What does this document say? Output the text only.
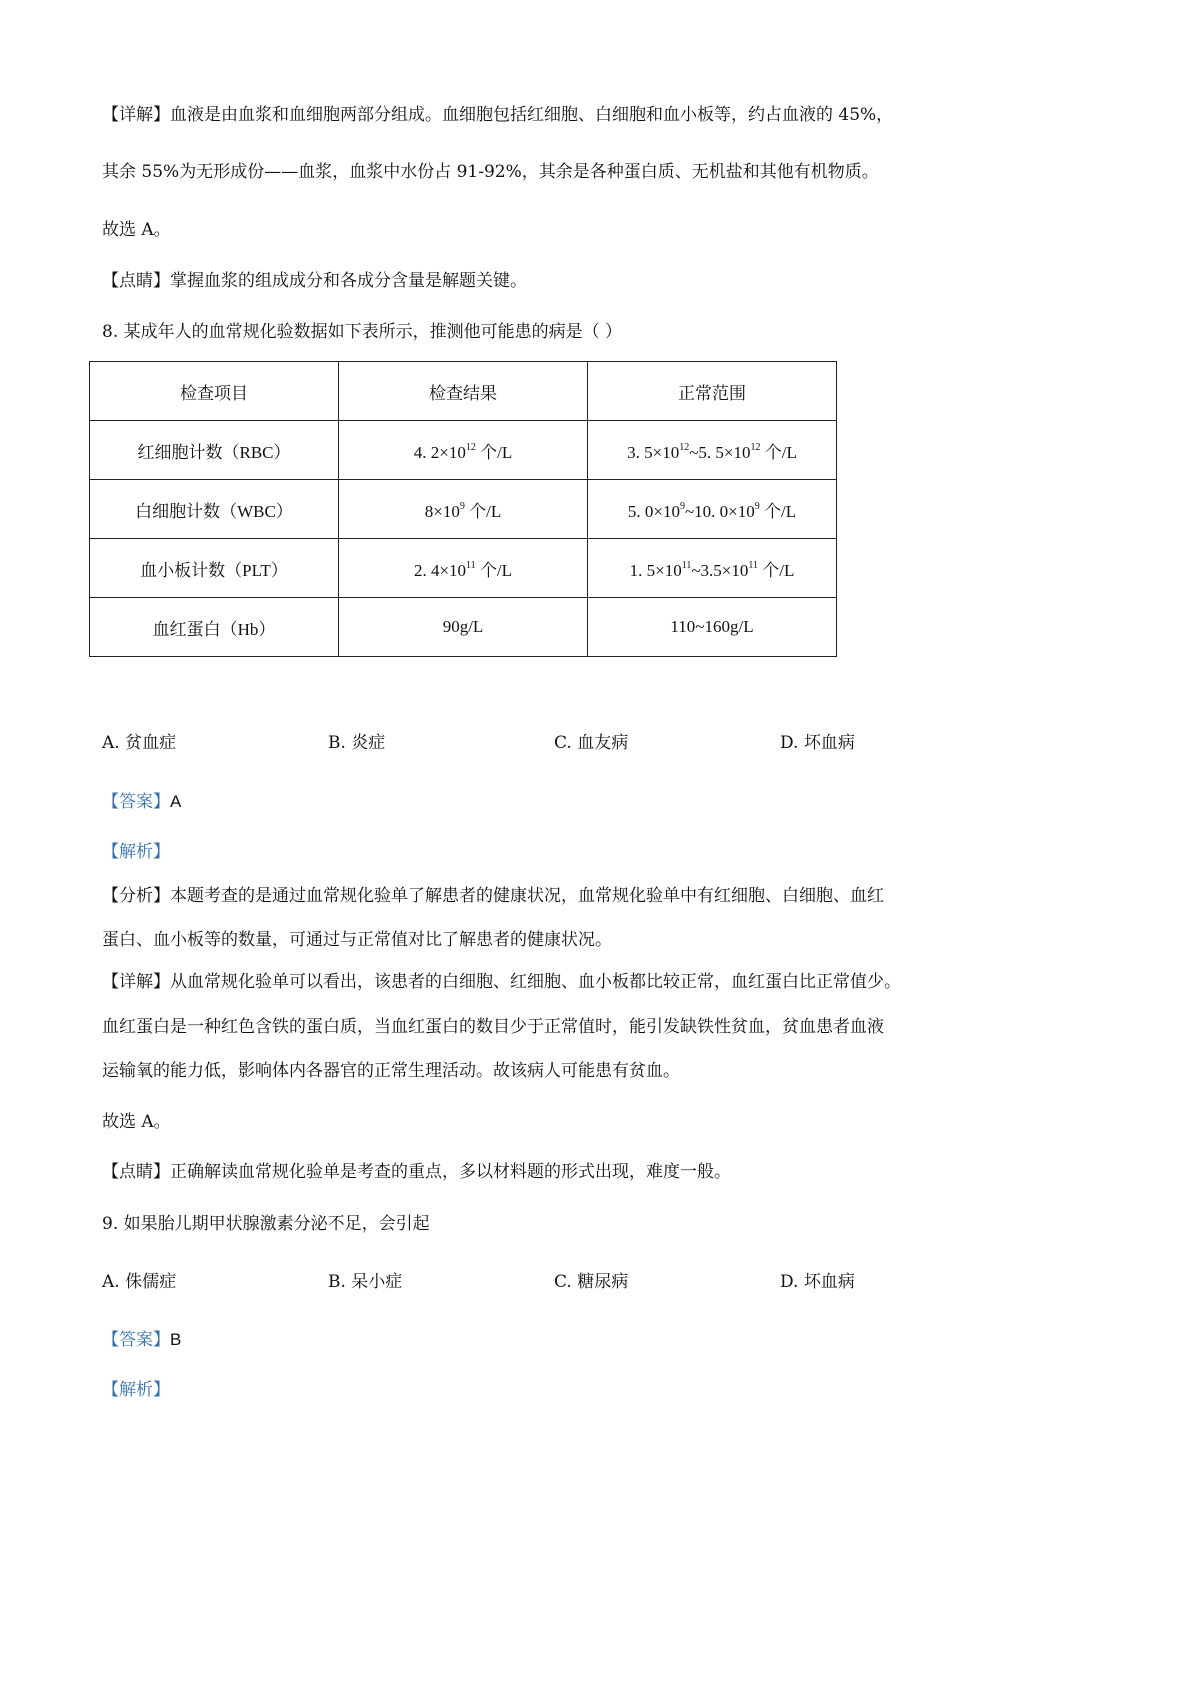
【详解】血液是由血浆和血细胞两部分组成。血细胞包括红细胞、白细胞和血小板等，约占血液的 45%，
其余 55%为无形成份——血浆，血浆中水份占 91-92%，其余是各种蛋白质、无机盐和其他有机物质。
故选 A。
【点睛】掌握血浆的组成成分和各成分含量是解题关键。
8. 某成年人的血常规化验数据如下表所示，推测他可能患的病是（ ）
检查项目	检查结果	正常范围
红细胞计数（RBC）	4. $2\times 10^{12}$ 个/L	3. $5\times 10^{12}\sim 5$. $5\times 10^{12}$ 个/L
白细胞计数（WBC）	$8\times 10^9$ 个/L	5. $0\times 10^9\sim 10$. $0\times 10^9$ 个/L
血小板计数（PLT）	2. $4\times 10^{11}$ 个/L	1. $5\times 10^{11}\sim 3.5\times 10^{11}$ 个/L
血红蛋白（Hb）	90g/L	110~160g/L
A. 贫血症	B. 炎症	C. 血友病	D. 坏血病
【答案】A
【解析】
【分析】本题考查的是通过血常规化验单了解患者的健康状况，血常规化验单中有红细胞、白细胞、血红
蛋白、血小板等的数量，可通过与正常值对比了解患者的健康状况。
【详解】从血常规化验单可以看出，该患者的白细胞、红细胞、血小板都比较正常，血红蛋白比正常值少。
血红蛋白是一种红色含铁的蛋白质，当血红蛋白的数目少于正常值时，能引发缺铁性贫血，贫血患者血液
运输氧的能力低，影响体内各器官的正常生理活动。故该病人可能患有贫血。
故选 A。
【点睛】正确解读血常规化验单是考查的重点，多以材料题的形式出现，难度一般。
9. 如果胎儿期甲状腺激素分泌不足，会引起
A. 侏儒症	B. 呆小症	C. 糖尿病	D. 坏血病
【答案】B
【解析】
